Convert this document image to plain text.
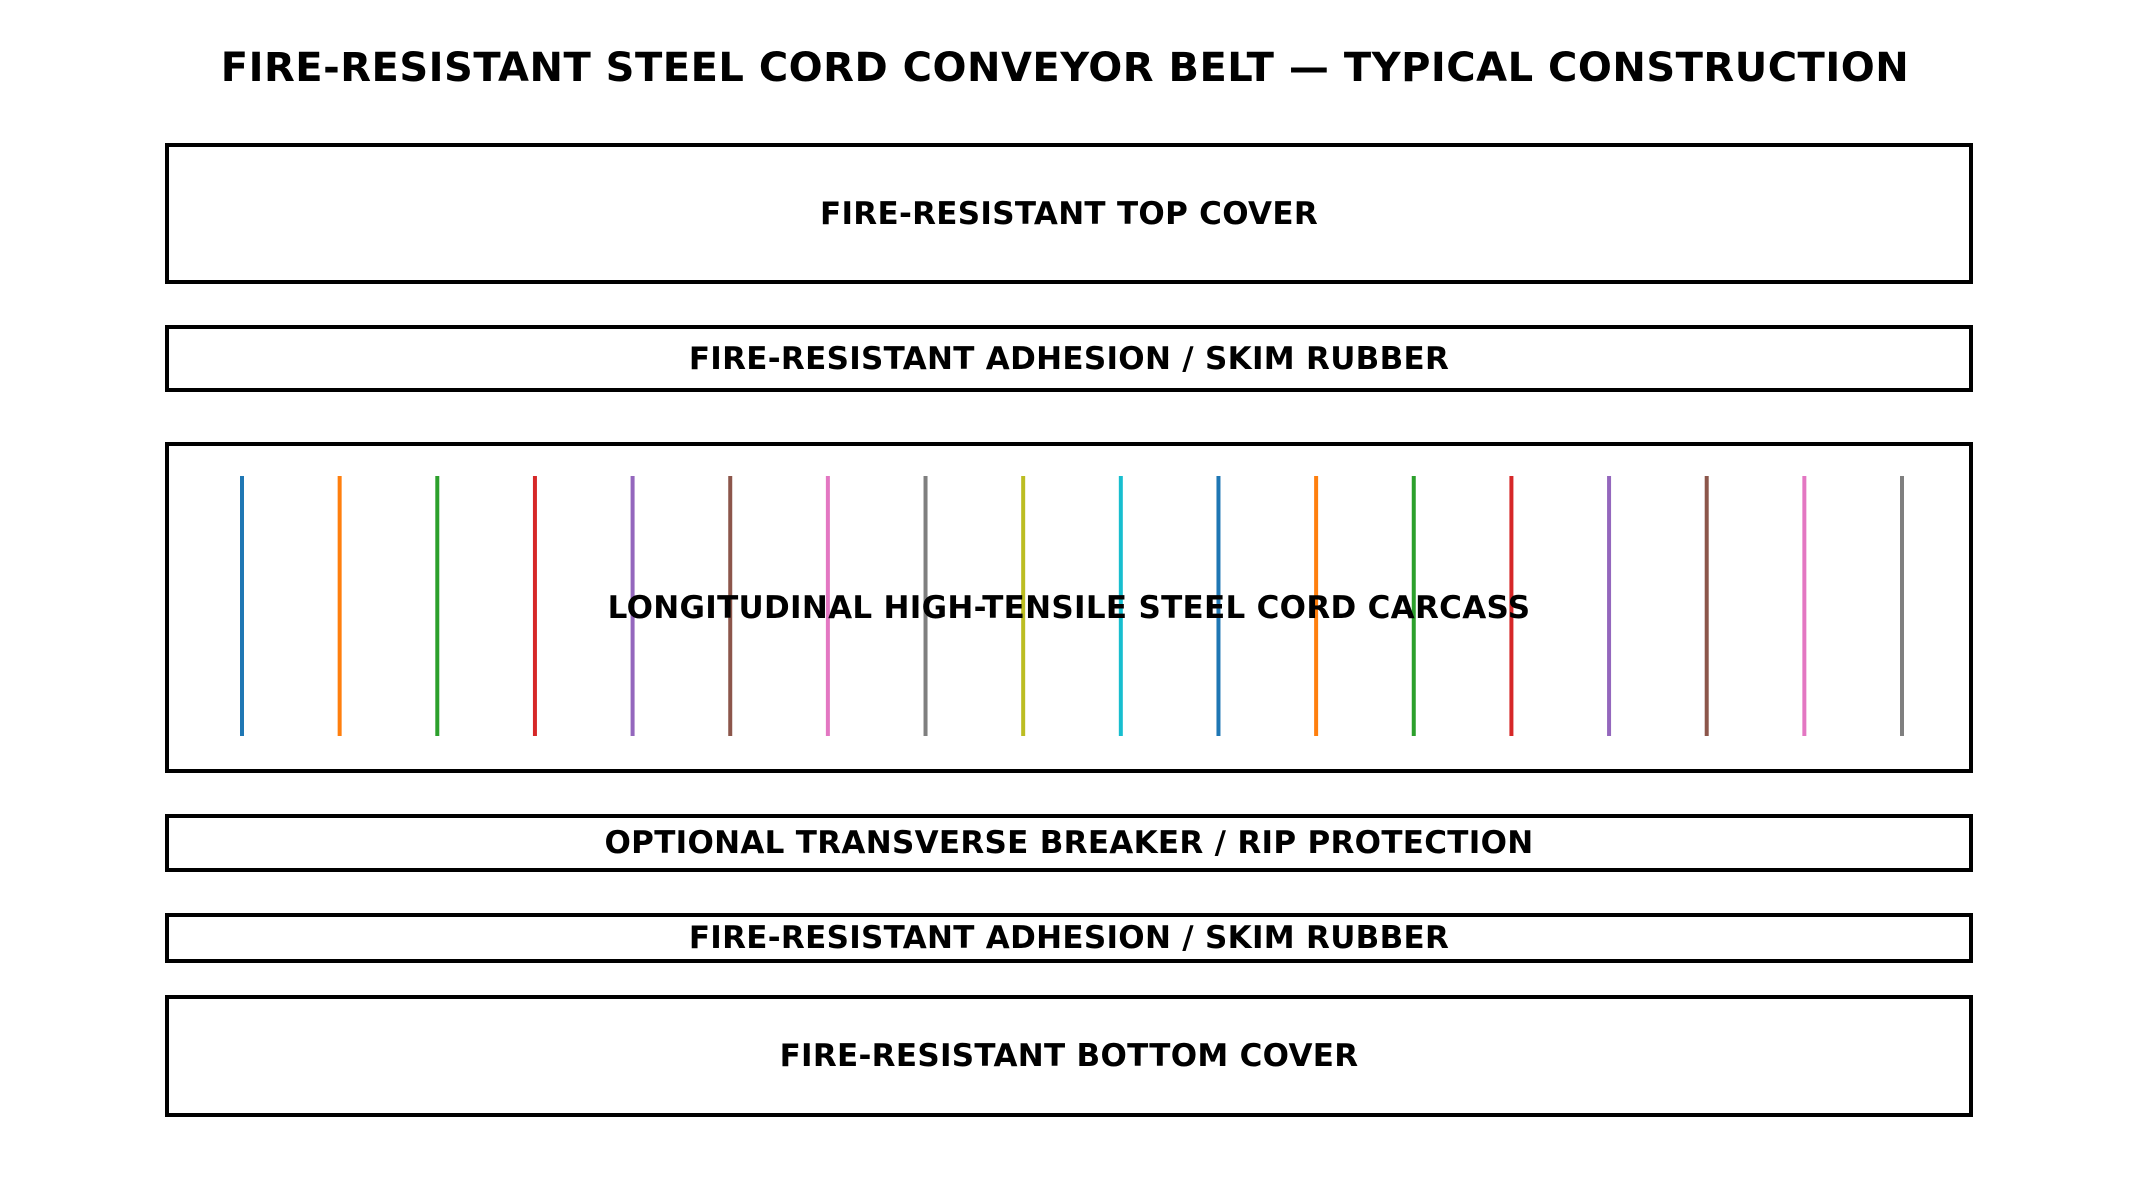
FIRE-RESISTANT STEEL CORD CONVEYOR BELT — TYPICAL CONSTRUCTION
FIRE-RESISTANT TOP COVER
FIRE-RESISTANT ADHESION / SKIM RUBBER
LONGITUDINAL HIGH-TENSILE STEEL CORD CARCASS
OPTIONAL TRANSVERSE BREAKER / RIP PROTECTION
FIRE-RESISTANT ADHESION / SKIM RUBBER
FIRE-RESISTANT BOTTOM COVER
